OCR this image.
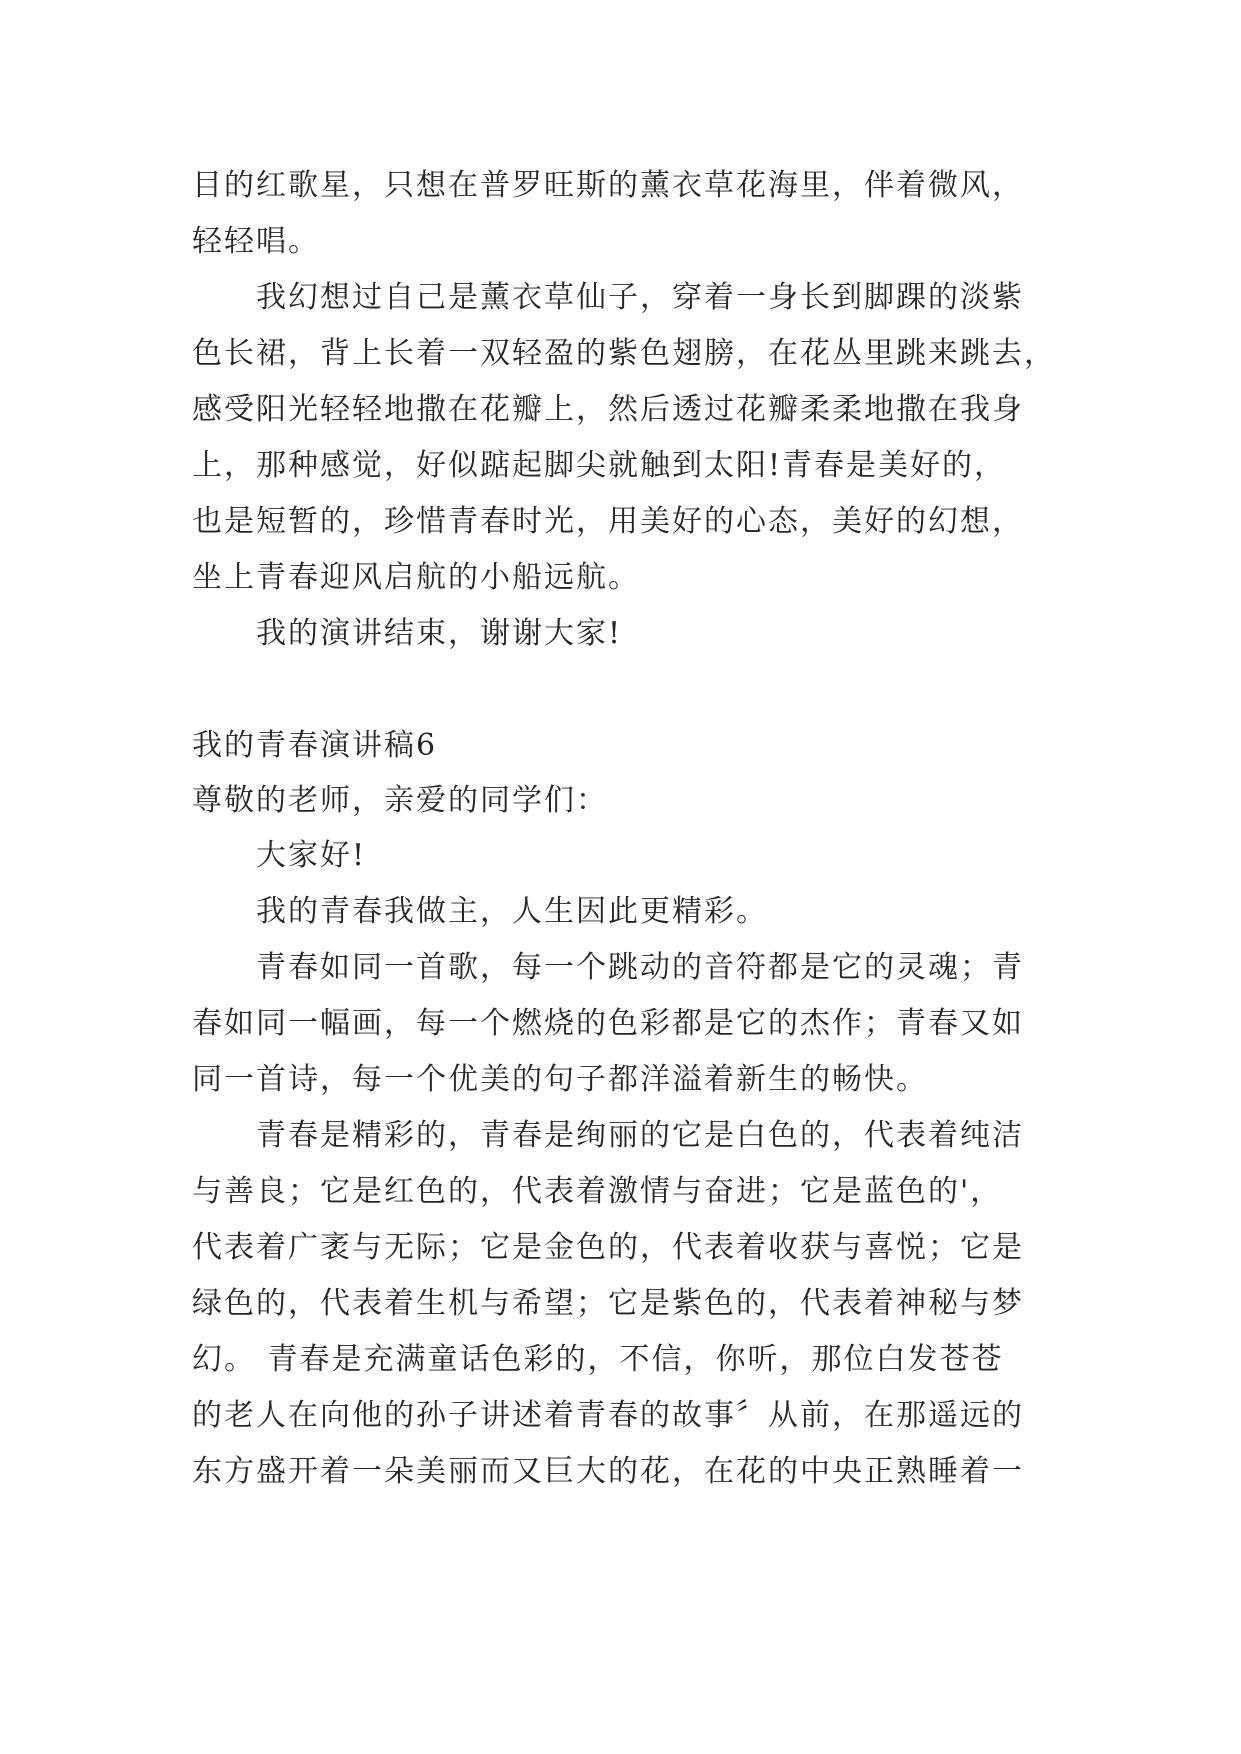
目的红歌星，只想在普罗旺斯的薰衣草花海里，伴着微风，

轻轻唱。

我幻想过自己是薰衣草仙子，穿着一身长到脚踝的淡紫

色长裙，背上长着一双轻盈的紫色翅膀，在花丛里跳来跳去，

感受阳光轻轻地撒在花瓣上，然后透过花瓣柔柔地撒在我身

上，那种感觉，好似踮起脚尖就触到太阳!青春是美好的，

也是短暂的，珍惜青春时光，用美好的心态，美好的幻想，

坐上青春迎风启航的小船远航。

我的演讲结束，谢谢大家!

我的青春演讲稿6

尊敬的老师，亲爱的同学们：

大家好!

我的青春我做主，人生因此更精彩。

青春如同一首歌，每一个跳动的音符都是它的灵魂；青

春如同一幅画，每一个燃烧的色彩都是它的杰作；青春又如

同一首诗，每一个优美的句子都洋溢着新生的畅快。

青春是精彩的，青春是绚丽的它是白色的，代表着纯洁

与善良；它是红色的，代表着激情与奋进；它是蓝色的'，

代表着广袤与无际；它是金色的，代表着收获与喜悦；它是

绿色的，代表着生机与希望；它是紫色的，代表着神秘与梦

幻。 青春是充满童话色彩的，不信，你听，那位白发苍苍

的老人在向他的孙子讲述着青春的故事〞从前，在那遥远的

东方盛开着一朵美丽而又巨大的花，在花的中央正熟睡着一
